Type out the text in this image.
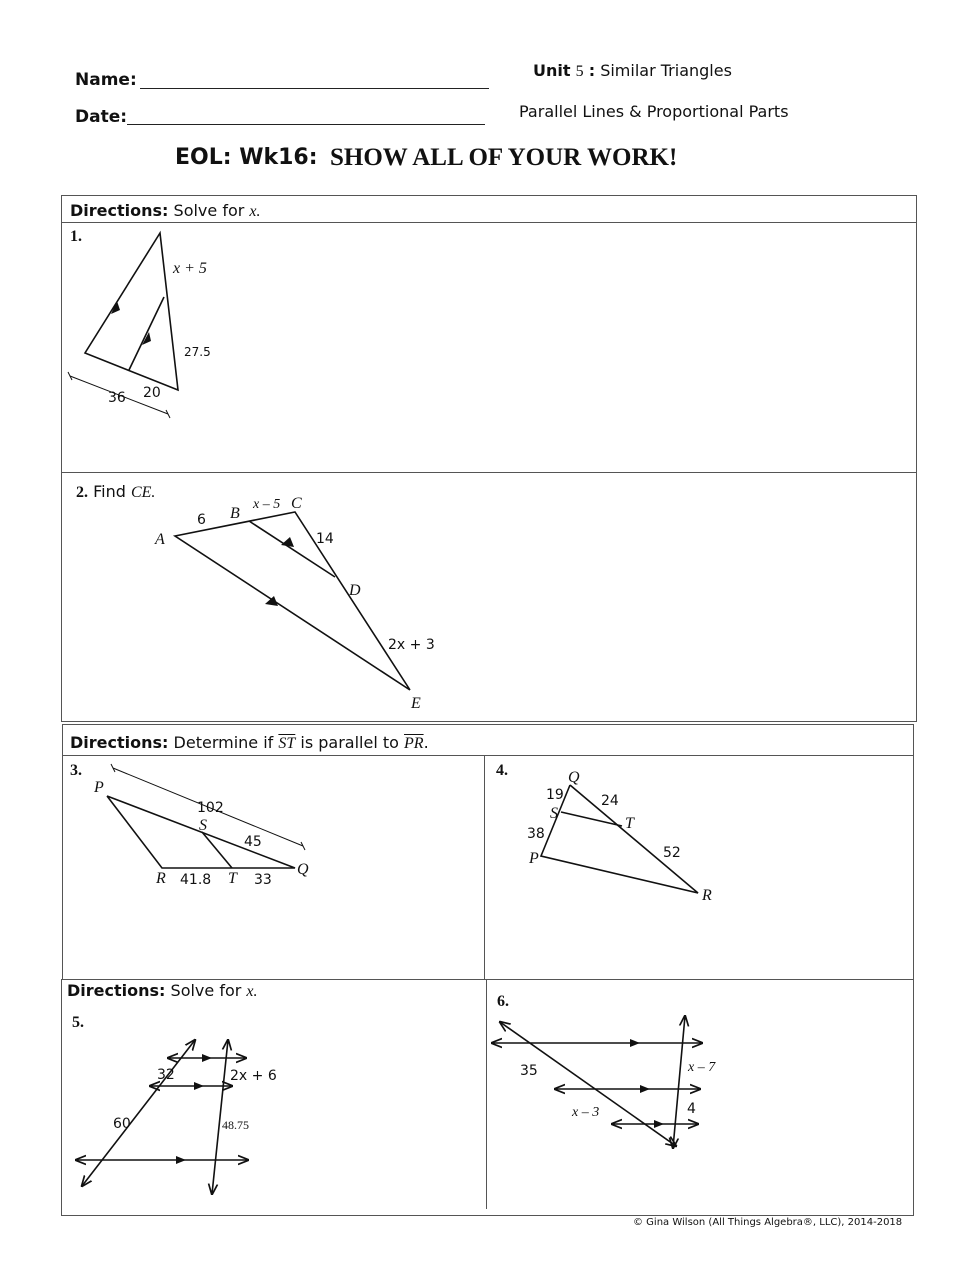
Name:
Date:
Unit 5 : Similar Triangles
Parallel Lines & Proportional Parts
EOL: Wk16: SHOW ALL OF YOUR WORK!
Directions: Solve for x.
1.
x + 5
27.5
36 20
2. Find CE.
A
6 B
x – 5 C
14
D
2x + 3
E
Directions: Determine if $\overline{ST}$ is parallel to $\overline{PR}$.
3.
P
102
S
45
R 41.8 T 33
Q
4.	Q
19	24
S
T
38
P	52
R
Directions: Solve for x.
5.
32	2x + 6
60	48.75
6.
35	x – 7
x – 3	4
© Gina Wilson (All Things Algebra®, LLC), 2014-2018
